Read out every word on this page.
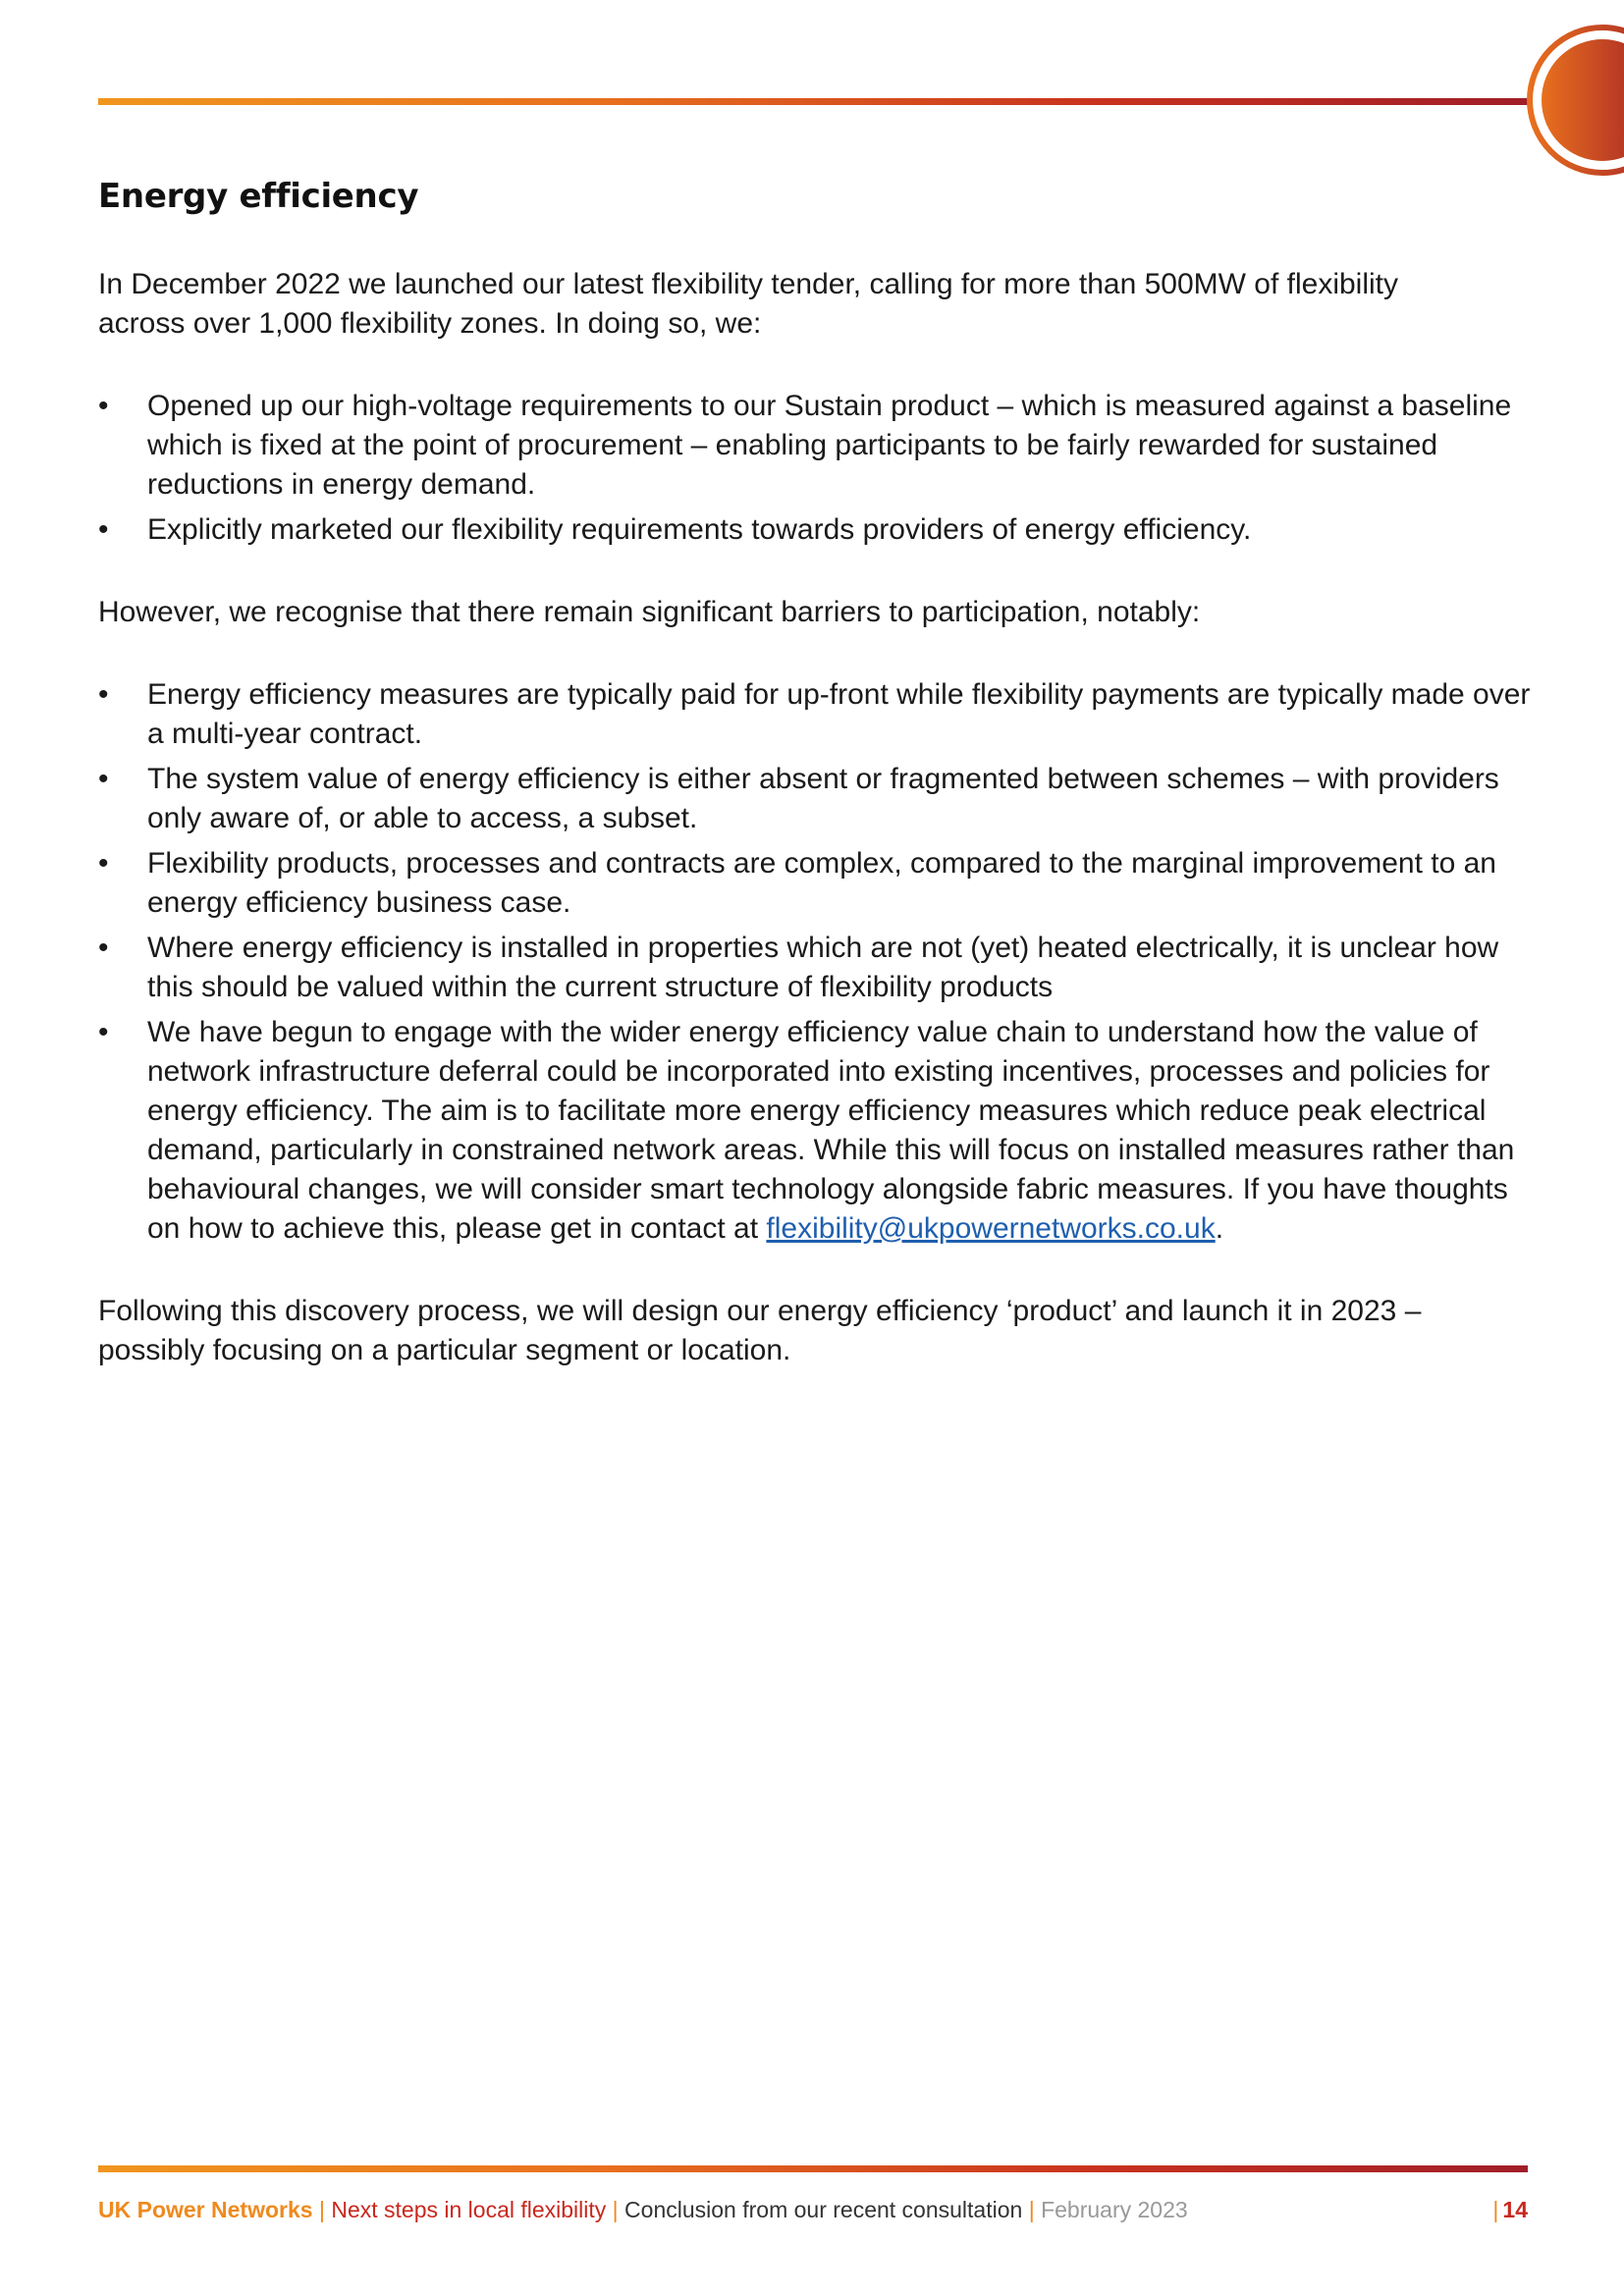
Energy efficiency

In December 2022 we launched our latest flexibility tender, calling for more than 500MW of flexibility across over 1,000 flexibility zones. In doing so, we:

• Opened up our high-voltage requirements to our Sustain product – which is measured against a baseline which is fixed at the point of procurement – enabling participants to be fairly rewarded for sustained reductions in energy demand.
• Explicitly marketed our flexibility requirements towards providers of energy efficiency.

However, we recognise that there remain significant barriers to participation, notably:

• Energy efficiency measures are typically paid for up-front while flexibility payments are typically made over a multi-year contract.
• The system value of energy efficiency is either absent or fragmented between schemes – with providers only aware of, or able to access, a subset.
• Flexibility products, processes and contracts are complex, compared to the marginal improvement to an energy efficiency business case.
• Where energy efficiency is installed in properties which are not (yet) heated electrically, it is unclear how this should be valued within the current structure of flexibility products
• We have begun to engage with the wider energy efficiency value chain to understand how the value of network infrastructure deferral could be incorporated into existing incentives, processes and policies for energy efficiency. The aim is to facilitate more energy efficiency measures which reduce peak electrical demand, particularly in constrained network areas. While this will focus on installed measures rather than behavioural changes, we will consider smart technology alongside fabric measures. If you have thoughts on how to achieve this, please get in contact at flexibility@ukpowernetworks.co.uk.

Following this discovery process, we will design our energy efficiency ‘product’ and launch it in 2023 – possibly focusing on a particular segment or location.

UK Power Networks | Next steps in local flexibility | Conclusion from our recent consultation | February 2023	| 14
